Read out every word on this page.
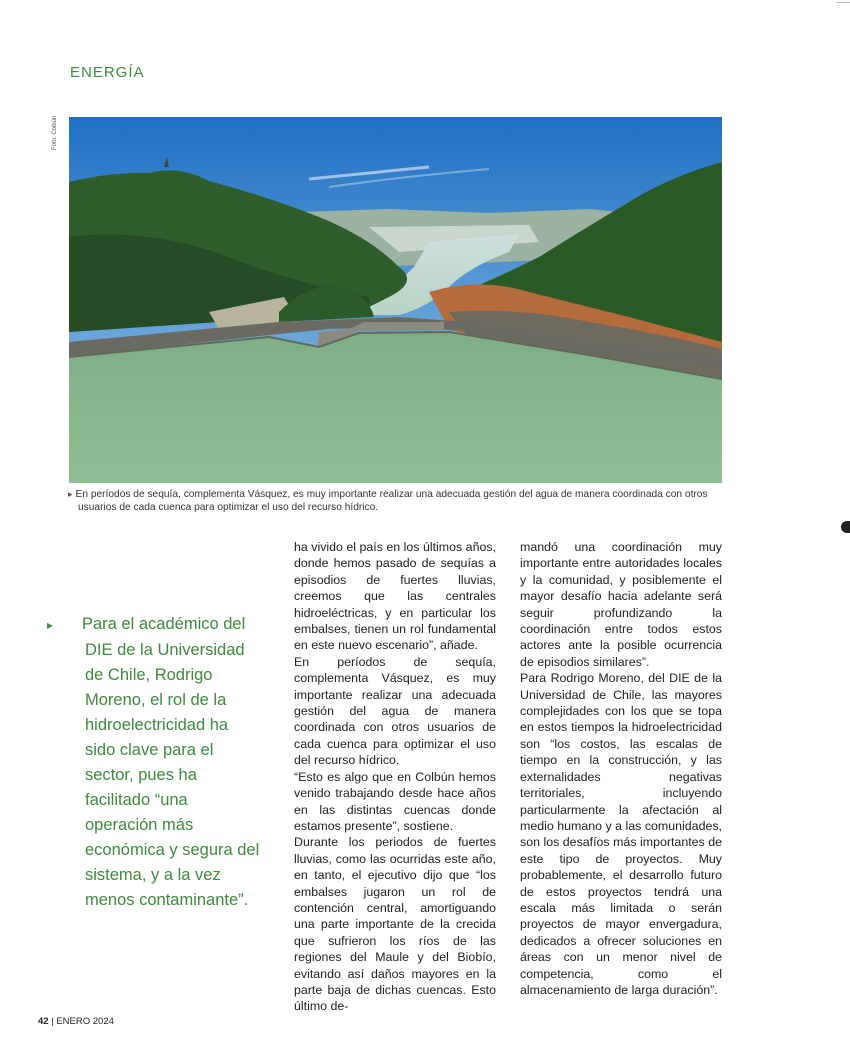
ENERGÍA
Foto: Colbún
▸ En períodos de sequía, complementa Vásquez, es muy importante realizar una adecuada gestión del agua de manera coordinada con otros
usuarios de cada cuenca para optimizar el uso del recurso hídrico.

▸ Para el académico del DIE de la Universidad de Chile, Rodrigo Moreno, el rol de la hidroelectricidad ha sido clave para el sector, pues ha facilitado “una operación más económica y segura del sistema, y a la vez menos contaminante”.

ha vivido el país en los últimos años, donde hemos pasado de sequías a episodios de fuertes lluvias, creemos que las centrales hidroeléctricas, y en particular los embalses, tienen un rol fundamental en este nuevo escenario”, añade.

En períodos de sequía, complementa Vásquez, es muy importante realizar una adecuada gestión del agua de manera coordinada con otros usuarios de cada cuenca para optimizar el uso del recurso hídrico.

“Esto es algo que en Colbún hemos venido trabajando desde hace años en las distintas cuencas donde estamos presente”, sostiene.

Durante los periodos de fuertes lluvias, como las ocurridas este año, en tanto, el ejecutivo dijo que “los embalses jugaron un rol de contención central, amortiguando una parte importante de la crecida que sufrieron los ríos de las regiones del Maule y del Biobío, evitando así daños mayores en la parte baja de dichas cuencas. Esto último de-

mandó una coordinación muy importante entre autoridades locales y la comunidad, y posiblemente el mayor desafío hacia adelante será seguir profundizando la coordinación entre todos estos actores ante la posible ocurrencia de episodios similares”.

Para Rodrigo Moreno, del DIE de la Universidad de Chile, las mayores complejidades con los que se topa en estos tiempos la hidroelectricidad son “los costos, las escalas de tiempo en la construcción, y las externalidades negativas territoriales, incluyendo particularmente la afectación al medio humano y a las comunidades, son los desafíos más importantes de este tipo de proyectos. Muy probablemente, el desarrollo futuro de estos proyectos tendrá una escala más limitada o serán proyectos de mayor envergadura, dedicados a ofrecer soluciones en áreas con un menor nivel de competencia, como el almacenamiento de larga duración”.

42 | ENERO 2024
